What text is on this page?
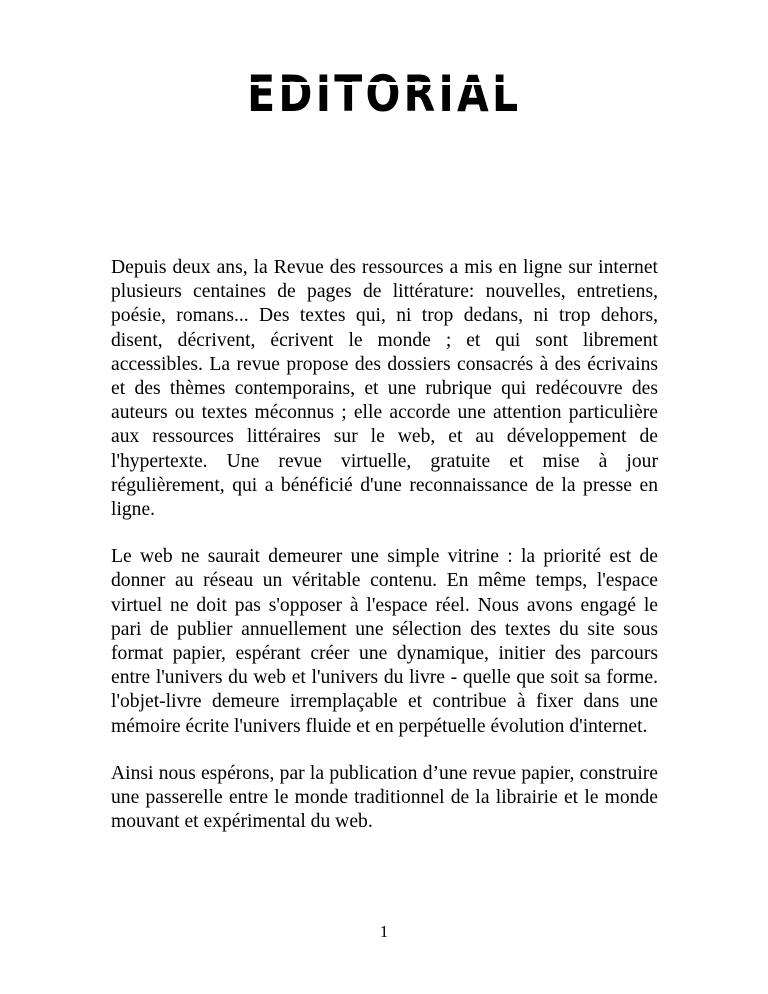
EDITORIAL

Depuis deux ans, la Revue des ressources a mis en ligne sur internet plusieurs centaines de pages de littérature: nouvelles, entretiens, poésie, romans... Des textes qui, ni trop dedans, ni trop dehors, disent, décrivent, écrivent le monde ; et qui sont librement accessibles. La revue propose des dossiers consacrés à des écrivains et des thèmes contemporains, et une rubrique qui redécouvre des auteurs ou textes méconnus ; elle accorde une attention particulière aux ressources littéraires sur le web, et au développement de l'hypertexte. Une revue virtuelle, gratuite et mise à jour régulièrement, qui a bénéficié d'une reconnaissance de la presse en ligne.

Le web ne saurait demeurer une simple vitrine : la priorité est de donner au réseau un véritable contenu. En même temps, l'espace virtuel ne doit pas s'opposer à l'espace réel. Nous avons engagé le pari de publier annuellement une sélection des textes du site sous format papier, espérant créer une dynamique, initier des parcours entre l'univers du web et l'univers du livre - quelle que soit sa forme. l'objet-livre demeure irremplaçable et contribue à fixer dans une mémoire écrite l'univers fluide et en perpétuelle évolution d'internet.

Ainsi nous espérons, par la publication d’une revue papier, construire une passerelle entre le monde traditionnel de la librairie et le monde mouvant et expérimental du web.

1
